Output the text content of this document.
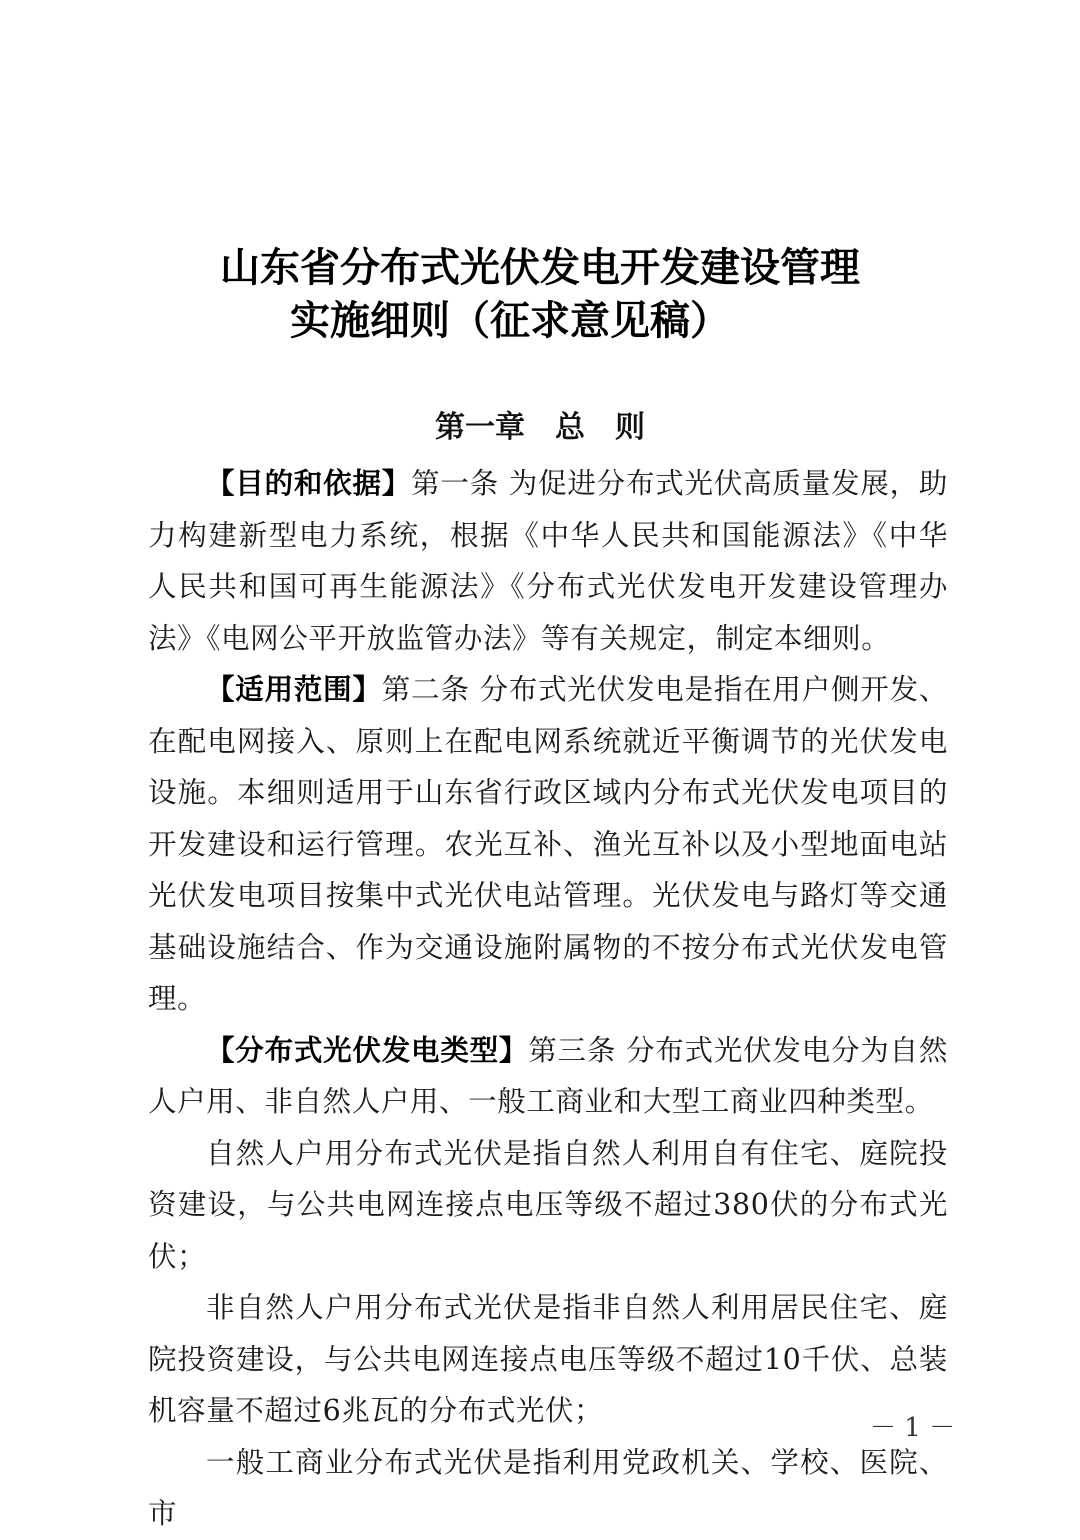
山东省分布式光伏发电开发建设管理
实施细则（征求意见稿）
第一章　总　则

【目的和依据】第一条 为促进分布式光伏高质量发展，助力构建新型电力系统，根据《中华人民共和国能源法》《中华人民共和国可再生能源法》《分布式光伏发电开发建设管理办法》《电网公平开放监管办法》等有关规定，制定本细则。

【适用范围】第二条 分布式光伏发电是指在用户侧开发、在配电网接入、原则上在配电网系统就近平衡调节的光伏发电设施。本细则适用于山东省行政区域内分布式光伏发电项目的开发建设和运行管理。农光互补、渔光互补以及小型地面电站光伏发电项目按集中式光伏电站管理。光伏发电与路灯等交通基础设施结合、作为交通设施附属物的不按分布式光伏发电管理。

【分布式光伏发电类型】第三条 分布式光伏发电分为自然人户用、非自然人户用、一般工商业和大型工商业四种类型。

自然人户用分布式光伏是指自然人利用自有住宅、庭院投资建设，与公共电网连接点电压等级不超过380伏的分布式光伏；

非自然人户用分布式光伏是指非自然人利用居民住宅、庭院投资建设，与公共电网连接点电压等级不超过10千伏、总装机容量不超过6兆瓦的分布式光伏；

一般工商业分布式光伏是指利用党政机关、学校、医院、市

－ 1 －
